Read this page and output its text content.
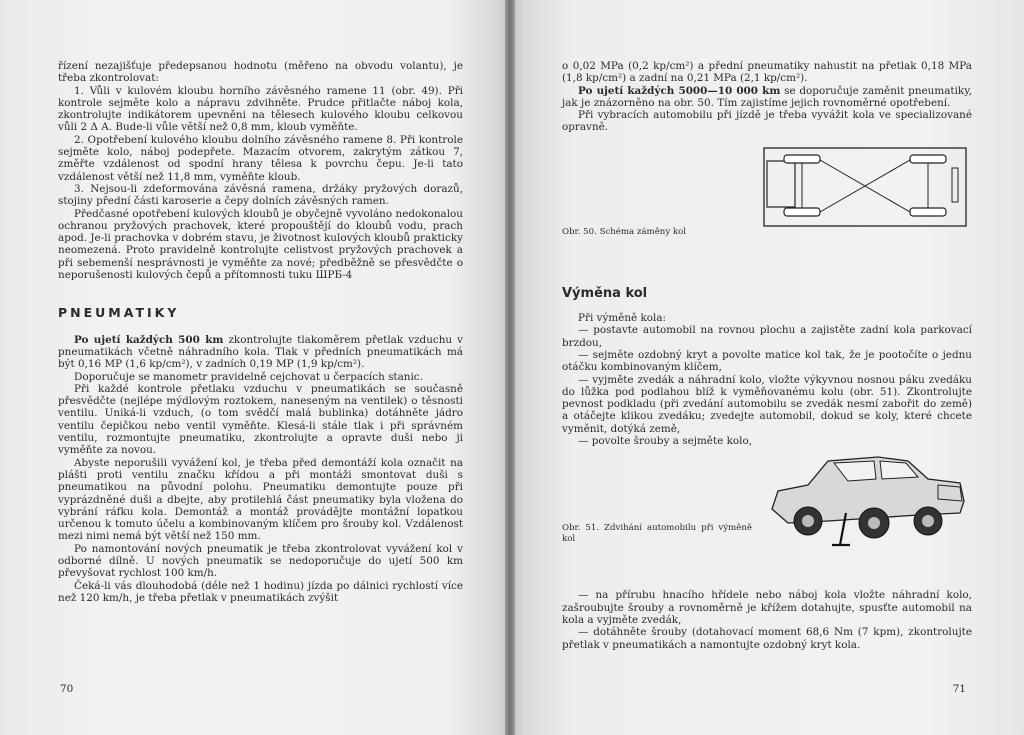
řízení nezajišťuje předepsanou hodnotu (měřeno na obvodu volantu), je třeba zkontrolovat:

1. Vůli v kulovém kloubu horního závěsného ramene 11 (obr. 49). Při kontrole sejměte kolo a nápravu zdvihněte. Prudce přitlačte náboj kola, zkontrolujte indikátorem upevněni na tělesech kulového kloubu celkovou vůli 2 Δ A. Bude-li vůle větší než 0,8 mm, kloub vyměňte.

2. Opotřebení kulového kloubu dolního závěsného ramene 8. Při kontrole sejměte kolo, náboj podepřete. Mazacím otvorem, zakrytým zátkou 7, změřte vzdálenost od spodní hrany tělesa k povrchu čepu. Je-li tato vzdálenost větší než 11,8 mm, vyměňte kloub.

3. Nejsou-li zdeformována závěsná ramena, držáky pryžových dorazů, stojiny přední části karoserie a čepy dolních závěsných ramen.

Předčasné opotřebení kulových kloubů je obyčejně vyvoláno nedokonalou ochranou pryžových prachovek, které propouštějí do kloubů vodu, prach apod. Je-li prachovka v dobrém stavu, je životnost kulových kloubů prakticky neomezená. Proto pravidelně kontrolujte celistvost pryžových prachovek a při sebemenší nesprávnosti je vyměňte za nové; předběžně se přesvědčte o neporušenosti kulových čepů a přítomnosti tuku ШРБ-4

PNEUMATIKY

Po ujetí každých 500 km zkontrolujte tlakoměrem přetlak vzduchu v pneumatikách včetně náhradního kola. Tlak v předních pneumatikách má být 0,16 MP (1,6 kp/cm²), v zadních 0,19 MP (1,9 kp/cm²).

Doporučuje se manometr pravidelně cejchovat u čerpacích stanic.

Při každé kontrole přetlaku vzduchu v pneumatikách se současně přesvědčte (nejlépe mýdlovým roztokem, naneseným na ventilek) o těsnosti ventilu. Uniká-li vzduch, (o tom svědčí malá bublinka) dotáhněte jádro ventilu čepičkou nebo ventil vyměňte. Klesá-li stále tlak i při správném ventilu, rozmontujte pneumatiku, zkontrolujte a opravte duši nebo ji vyměňte za novou.

Abyste neporušili vyvážení kol, je třeba před demontáží kola označit na plášti proti ventilu značku křídou a při montáži smontovat duši s pneumatikou na původní polohu. Pneumatiku demontujte pouze při vyprázdněné duši a dbejte, aby protilehlá část pneumatiky byla vložena do vybrání ráfku kola. Demontáž a montáž provádějte montážní lopatkou určenou k tomuto účelu a kombinovaným klíčem pro šrouby kol. Vzdálenost mezi nimi nemá být větší než 150 mm.

Po namontování nových pneumatik je třeba zkontrolovat vyvážení kol v odborné dílně. U nových pneumatik se nedoporučuje do ujetí 500 km převyšovat rychlost 100 km/h.

Čeká-li vás dlouhodobá (déle než 1 hodinu) jízda po dálnici rychlostí více než 120 km/h, je třeba přetlak v pneumatikách zvýšit

70

o 0,02 MPa (0,2 kp/cm²) a přední pneumatiky nahustit na přetlak 0,18 MPa (1,8 kp/cm²) a zadní na 0,21 MPa (2,1 kp/cm²).

Po ujetí každých 5000—10 000 km se doporučuje zaměnit pneumatiky, jak je znázorněno na obr. 50. Tím zajistíme jejich rovnoměrné opotřebení.

Při vybracích automobilu při jízdě je třeba vyvážit kola ve specializované opravně.

Obr. 50. Schéma záměny kol
Výměna kol

Při výměně kola:

— postavte automobil na rovnou plochu a zajistěte zadní kola parkovací brzdou,

— sejměte ozdobný kryt a povolte matice kol tak, že je pootočíte o jednu otáčku kombinovaným klíčem,

— vyjměte zvedák a náhradní kolo, vložte výkyvnou nosnou páku zvedáku do lůžka pod podlahou blíž k vyměňovanému kolu (obr. 51). Zkontrolujte pevnost podkladu (při zvedání automobilu se zvedák nesmí zabořit do země) a otáčejte klikou zvedáku; zvedejte automobil, dokud se koly, které chcete vyměnit, dotýká země,

— povolte šrouby a sejměte kolo,

Obr. 51. Zdvihání automobilu při výměně kol

— na přírubu hnacího hřídele nebo náboj kola vložte náhradní kolo, zašroubujte šrouby a rovnoměrně je křížem dotahujte, spusťte automobil na kola a vyjměte zvedák,

— dotáhněte šrouby (dotahovací moment 68,6 Nm (7 kpm), zkontrolujte přetlak v pneumatikách a namontujte ozdobný kryt kola.

71
